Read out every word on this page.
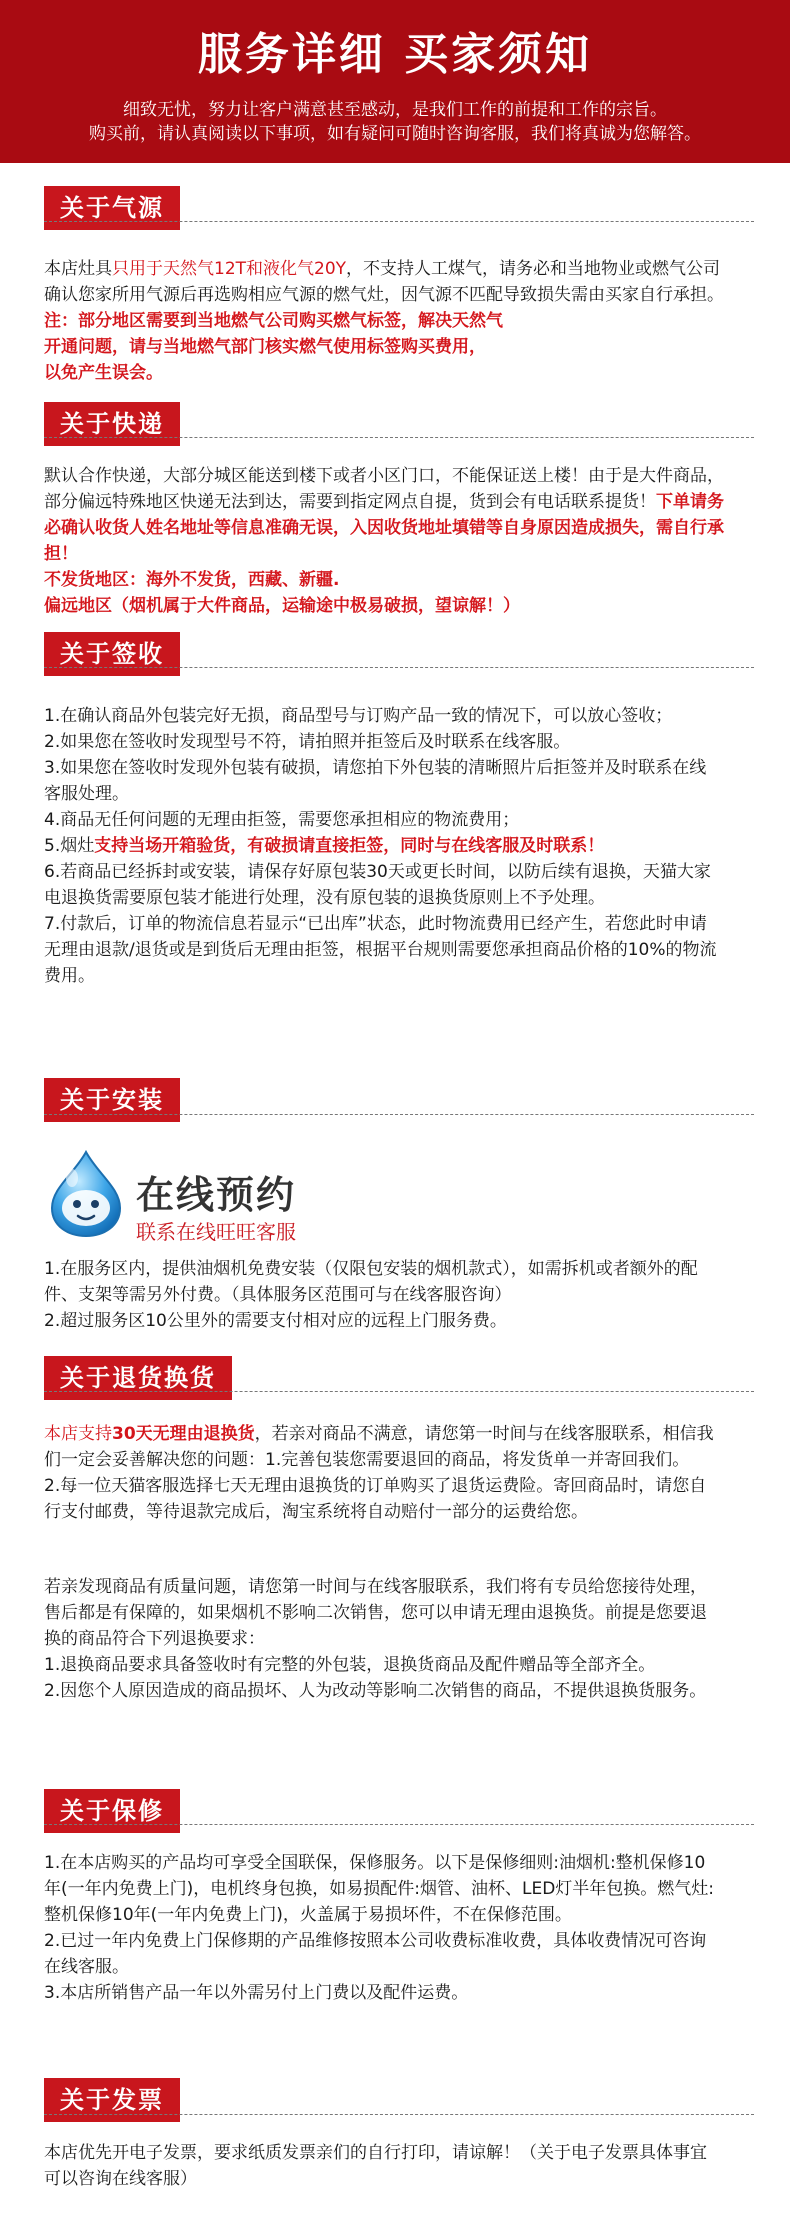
服务详细 买家须知

细致无忧，努力让客户满意甚至感动，是我们工作的前提和工作的宗旨。

购买前，请认真阅读以下事项，如有疑问可随时咨询客服，我们将真诚为您解答。

关于气源

本店灶具只用于天然气12T和液化气20Y，不支持人工煤气，请务必和当地物业或燃气公司

确认您家所用气源后再选购相应气源的燃气灶，因气源不匹配导致损失需由买家自行承担。

注：部分地区需要到当地燃气公司购买燃气标签，解决天然气

开通问题，请与当地燃气部门核实燃气使用标签购买费用，

以免产生误会。

关于快递

默认合作快递，大部分城区能送到楼下或者小区门口，不能保证送上楼！由于是大件商品，

部分偏远特殊地区快递无法到达，需要到指定网点自提，货到会有电话联系提货！下单请务

必确认收货人姓名地址等信息准确无误，入因收货地址填错等自身原因造成损失，需自行承

担！

不发货地区：海外不发货，西藏、新疆.

偏远地区（烟机属于大件商品，运输途中极易破损，望谅解！）

关于签收

1.在确认商品外包装完好无损，商品型号与订购产品一致的情况下，可以放心签收；

2.如果您在签收时发现型号不符，请拍照并拒签后及时联系在线客服。

3.如果您在签收时发现外包装有破损，请您拍下外包装的清晰照片后拒签并及时联系在线

客服处理。

4.商品无任何问题的无理由拒签，需要您承担相应的物流费用；

5.烟灶支持当场开箱验货，有破损请直接拒签，同时与在线客服及时联系！

6.若商品已经拆封或安装，请保存好原包装30天或更长时间，以防后续有退换，天猫大家

电退换货需要原包装才能进行处理，没有原包装的退换货原则上不予处理。

7.付款后，订单的物流信息若显示“已出库”状态，此时物流费用已经产生，若您此时申请

无理由退款/退货或是到货后无理由拒签，根据平台规则需要您承担商品价格的10%的物流

费用。

关于安装
在线预约
联系在线旺旺客服

1.在服务区内，提供油烟机免费安装（仅限包安装的烟机款式），如需拆机或者额外的配

件、支架等需另外付费。（具体服务区范围可与在线客服咨询）

2.超过服务区10公里外的需要支付相对应的远程上门服务费。

关于退货换货

本店支持30天无理由退换货，若亲对商品不满意，请您第一时间与在线客服联系，相信我

们一定会妥善解决您的问题：1.完善包装您需要退回的商品，将发货单一并寄回我们。

2.每一位天猫客服选择七天无理由退换货的订单购买了退货运费险。寄回商品时，请您自

行支付邮费，等待退款完成后，淘宝系统将自动赔付一部分的运费给您。

若亲发现商品有质量问题，请您第一时间与在线客服联系，我们将有专员给您接待处理，

售后都是有保障的，如果烟机不影响二次销售，您可以申请无理由退换货。前提是您要退

换的商品符合下列退换要求：

1.退换商品要求具备签收时有完整的外包装，退换货商品及配件赠品等全部齐全。

2.因您个人原因造成的商品损坏、人为改动等影响二次销售的商品，不提供退换货服务。

关于保修

1.在本店购买的产品均可享受全国联保，保修服务。以下是保修细则:油烟机:整机保修10

年(一年内免费上门)，电机终身包换，如易损配件:烟管、油杯、LED灯半年包换。燃气灶:

整机保修10年(一年内免费上门)，火盖属于易损坏件，不在保修范围。

2.已过一年内免费上门保修期的产品维修按照本公司收费标准收费，具体收费情况可咨询

在线客服。

3.本店所销售产品一年以外需另付上门费以及配件运费。

关于发票

本店优先开电子发票，要求纸质发票亲们的自行打印，请谅解！（关于电子发票具体事宜

可以咨询在线客服）
